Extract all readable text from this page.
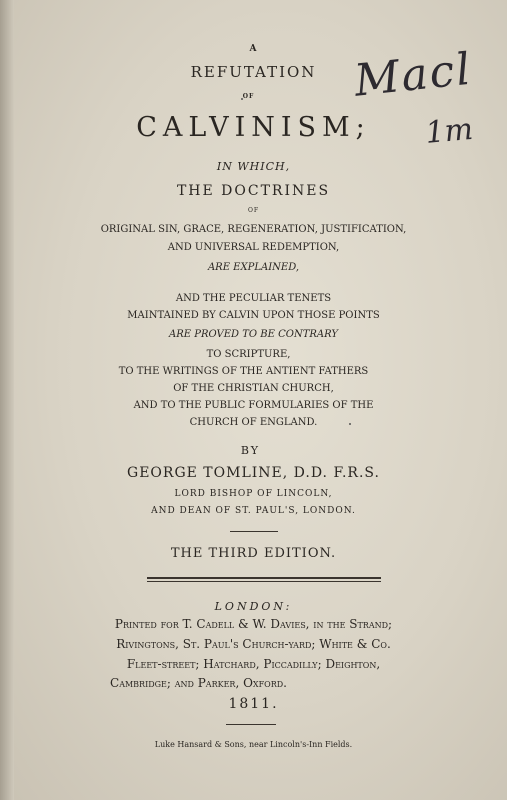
A
REFUTATION
OF
CALVINISM;
IN WHICH,
THE DOCTRINES
OF
ORIGINAL SIN, GRACE, REGENERATION, JUSTIFICATION,
AND UNIVERSAL REDEMPTION,
ARE EXPLAINED,
AND THE PECULIAR TENETS
MAINTAINED BY CALVIN UPON THOSE POINTS
ARE PROVED TO BE CONTRARY
TO SCRIPTURE,
TO THE WRITINGS OF THE ANTIENT FATHERS
OF THE CHRISTIAN CHURCH,
AND TO THE PUBLIC FORMULARIES OF THE
CHURCH OF ENGLAND.
BY
GEORGE TOMLINE, D.D. F.R.S.
LORD BISHOP OF LINCOLN,
AND DEAN OF ST. PAUL'S, LONDON.
THE THIRD EDITION.
LONDON:
Printed for T. Cadell & W. Davies, in the Strand;
Rivingtons, St. Paul's Church-yard; White & Co.
Fleet-street; Hatchard, Piccadilly; Deighton,
Cambridge; and Parker, Oxford.
1811.
Luke Hansard & Sons, near Lincoln's-Inn Fields.
Macl
1m
